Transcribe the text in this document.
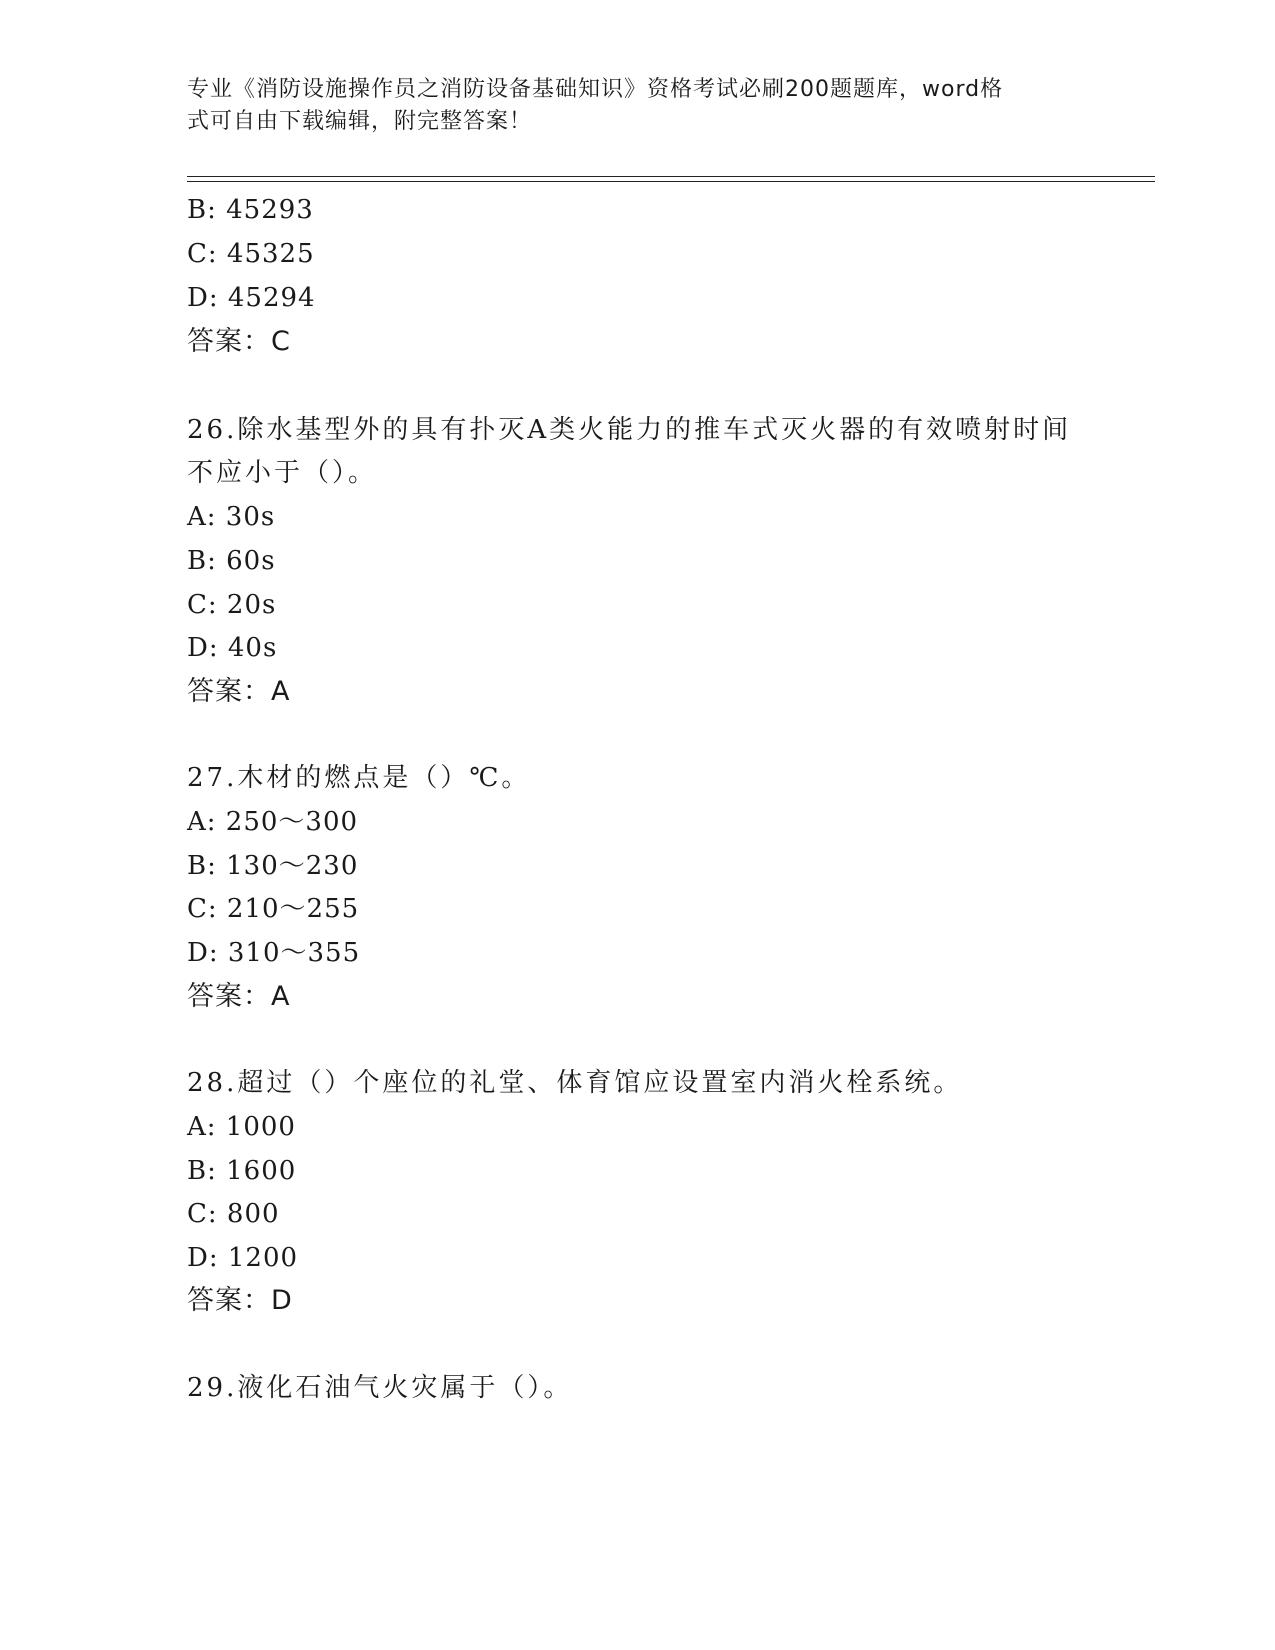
专业《消防设施操作员之消防设备基础知识》资格考试必刷200题题库，word格
式可自由下载编辑，附完整答案！
B: 45293
C: 45325
D: 45294
答案：C
26.除水基型外的具有扑灭A类火能力的推车式灭火器的有效喷射时间
不应小于（）。
A: 30s
B: 60s
C: 20s
D: 40s
答案：A
27.木材的燃点是（）℃。
A: 250～300
B: 130～230
C: 210～255
D: 310～355
答案：A
28.超过（）个座位的礼堂、体育馆应设置室内消火栓系统。
A: 1000
B: 1600
C: 800
D: 1200
答案：D
29.液化石油气火灾属于（）。
